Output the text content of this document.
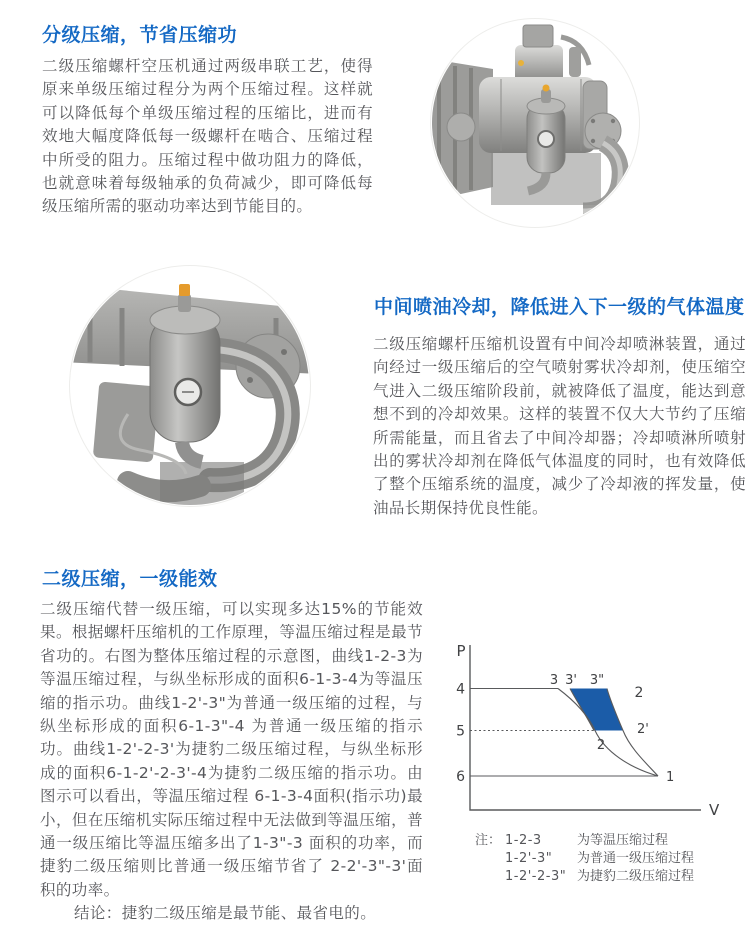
分级压缩，节省压缩功
二级压缩螺杆空压机通过两级串联工艺，使得原来单级压缩过程分为两个压缩过程。这样就可以降低每个单级压缩过程的压缩比，进而有效地大幅度降低每一级螺杆在啮合、压缩过程中所受的阻力。压缩过程中做功阻力的降低，也就意味着每级轴承的负荷减少，即可降低每级压缩所需的驱动功率达到节能目的。
中间喷油冷却，降低进入下一级的气体温度
二级压缩螺杆压缩机设置有中间冷却喷淋装置，通过向经过一级压缩后的空气喷射雾状冷却剂，使压缩空气进入二级压缩阶段前，就被降低了温度，能达到意想不到的冷却效果。这样的装置不仅大大节约了压缩所需能量，而且省去了中间冷却器；冷却喷淋所喷射出的雾状冷却剂在降低气体温度的同时，也有效降低了整个压缩系统的温度，减少了冷却液的挥发量，使油品长期保持优良性能。
二级压缩，一级能效
二级压缩代替一级压缩，可以实现多达15%的节能效果。根据螺杆压缩机的工作原理，等温压缩过程是最节省功的。右图为整体压缩过程的示意图，曲线1-2-3为等温压缩过程，与纵坐标形成的面积6-1-3-4为等温压缩的指示功。曲线1-2'-3"为普通一级压缩的过程，与纵坐标形成的面积6-1-3"-4 为普通一级压缩的指示功。曲线1-2'-2-3'为捷豹二级压缩过程，与纵坐标形成的面积6-1-2'-2-3'-4为捷豹二级压缩的指示功。由图示可以看出，等温压缩过程 6-1-3-4面积(指示功)最小，但在压缩机实际压缩过程中无法做到等温压缩，普通一级压缩比等温压缩多出了1-3"-3 面积的功率，而捷豹二级压缩则比普通一级压缩节省了 2-2'-3"-3'面积的功率。
结论：捷豹二级压缩是最节能、最省电的。
P
V
4
5
6
3 3' 3"
2
2'
2
1
注： 1-2-3	为等温压缩过程
1-2'-3"	为普通一级压缩过程
1-2'-2-3" 为捷豹二级压缩过程
